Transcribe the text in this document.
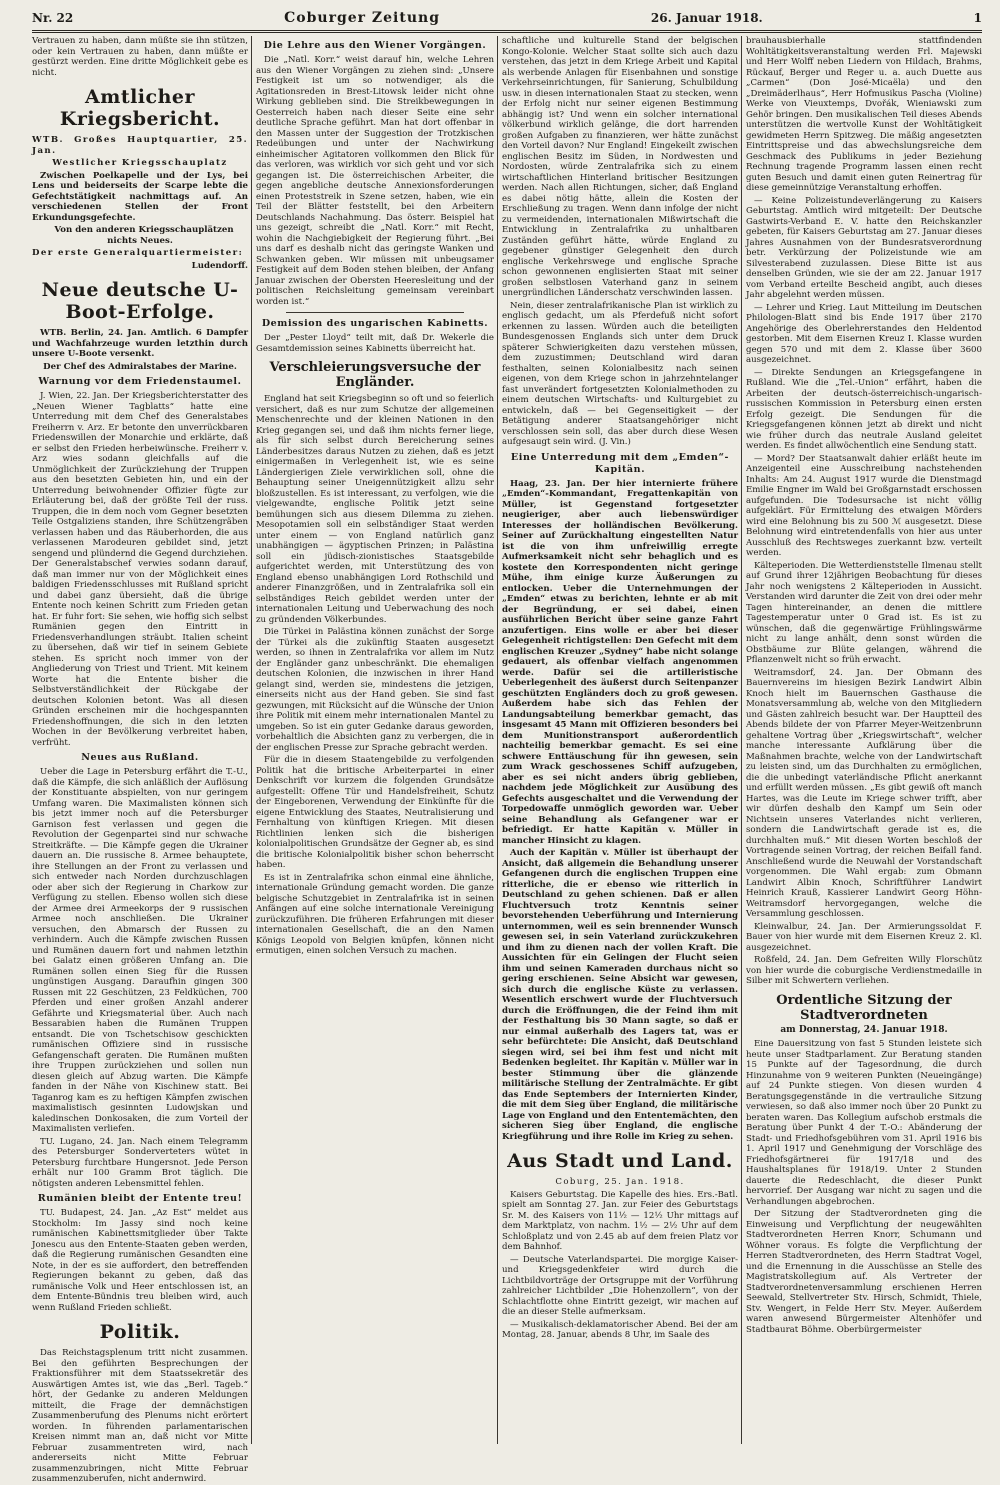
Nr. 22	Coburger Zeitung	26. Januar 1918.	1

Vertrauen zu haben, dann müßte sie ihn stützen, oder kein Vertrauen zu haben, dann müßte er gestürzt werden. Eine dritte Möglichkeit gebe es nicht.

Amtlicher Kriegsbericht.

WTB. Großes Hauptquartier, 25. Jan.

Westlicher Kriegsschauplatz

Zwischen Poelkapelle und der Lys, bei Lens und beiderseits der Scarpe lebte die Gefechtstätigkeit nachmittags auf. An verschiedenen Stellen der Front Erkundungsgefechte.

Von den anderen Kriegsschauplätzen nichts Neues.

Der erste Generalquartiermeister:

Ludendorff.

Neue deutsche U-Boot-Erfolge.

WTB. Berlin, 24. Jan. Amtlich. 6 Dampfer und Wachfahrzeuge wurden letzthin durch unsere U-Boote versenkt.

Der Chef des Admiralstabes der Marine.

Warnung vor dem Friedenstaumel.

J. Wien, 22. Jan. Der Kriegsberichterstatter des „Neuen Wiener Tagblatts“ hatte eine Unterredung mit dem Chef des Generalstabes Freiherrn v. Arz. Er betonte den unverrückbaren Friedenswillen der Monarchie und erklärte, daß er selbst den Frieden herbeiwünsche. Freiherr v. Arz wies sodann gleichfalls auf die Unmöglichkeit der Zurückziehung der Truppen aus den besetzten Gebieten hin, und ein der Unterredung beiwohnender Offizier fügte zur Erläuterung bei, daß der größte Teil der russ. Truppen, die in dem noch vom Gegner besetzten Teile Ostgaliziens standen, ihre Schützengräben verlassen haben und das Räuberhorden, die aus verlassenen Marodeuren gebildet sind, jetzt sengend und plündernd die Gegend durchziehen. Der Generalstabschef verwies sodann darauf, daß man immer nur von der Möglichkeit eines baldigen Friedensschlusses mit Rußland spricht und dabei ganz übersieht, daß die übrige Entente noch keinen Schritt zum Frieden getan hat. Er fuhr fort: Sie sehen, wie hoffig sich selbst Rumänien gegen den Eintritt in Friedensverhandlungen sträubt. Italien scheint zu übersehen, daß wir tief in seinem Gebiete stehen. Es spricht noch immer von der Angliederung von Triest und Trient. Mit keinem Worte hat die Entente bisher die Selbstverständlichkeit der Rückgabe der deutschen Kolonien betont. Was all diesen Gründen erscheinen mir die hochgespannten Friedenshoffnungen, die sich in den letzten Wochen in der Bevölkerung verbreitet haben, verfrüht.

Neues aus Rußland.

Ueber die Lage in Petersburg erfährt die T.-U., daß die Kämpfe, die sich anläßlich der Auflösung der Konstituante abspielten, von nur geringem Umfang waren. Die Maximalisten können sich bis jetzt immer noch auf die Petersburger Garnison fest verlassen und gegen die Revolution der Gegenpartei sind nur schwache Streitkräfte. — Die Kämpfe gegen die Ukrainer dauern an. Die russische 8. Armee behauptete, ihre Stellungen an der Front zu verlassen und sich entweder nach Norden durchzuschlagen oder aber sich der Regierung in Charkow zur Verfügung zu stellen. Ebenso wollen sich diese der Armee drei Armeekorps der 9 russischen Armee noch anschließen. Die Ukrainer versuchen, den Abmarsch der Russen zu verhindern. Auch die Kämpfe zwischen Russen und Rumänen dauern fort und nahmen letzthin bei Galatz einen größeren Umfang an. Die Rumänen sollen einen Sieg für die Russen ungünstigen Ausgang. Daraufhin gingen 300 Russen mit 22 Geschützen, 23 Feldküchen, 700 Pferden und einer großen Anzahl anderer Gefährte und Kriegsmaterial über. Auch nach Bessarabien haben die Rumänen Truppen entsandt. Die von Tschetschisow geschickten rumänischen Offiziere sind in russische Gefangenschaft geraten. Die Rumänen mußten ihre Truppen zurückziehen und sollen nun diesen gleich auf Abzug warten. Die Kämpfe fanden in der Nähe von Kischinew statt. Bei Taganrog kam es zu heftigen Kämpfen zwischen maximalistisch gesinnten Ludowjskan und kaledinschen Donkosaken, die zum Vorteil der Maximalisten verliefen.

TU. Lugano, 24. Jan. Nach einem Telegramm des Petersburger Sonderverteters wütet in Petersburg furchtbare Hungersnot. Jede Person erhält nur 100 Gramm Brot täglich. Die nötigsten anderen Lebensmittel fehlen.

Rumänien bleibt der Entente treu!

TU. Budapest, 24. Jan. „Az Est“ meldet aus Stockholm: Im Jassy sind noch keine rumänischen Kabinettsmitglieder über Takte Jonescu aus den Entente-Staaten geben werden, daß die Regierung rumänischen Gesandten eine Note, in der es sie auffordert, den betreffenden Regierungen bekannt zu geben, daß das rumänische Volk und Heer entschlossen ist, an dem Entente-Bündnis treu bleiben wird, auch wenn Rußland Frieden schließt.

Politik.

Das Reichstagsplenum tritt nicht zusammen. Bei den geführten Besprechungen der Fraktionsführer mit dem Staatssekretär des Auswärtigen Amtes ist, wie das „Berl. Tageb.“ hört, der Gedanke zu anderen Meldungen mitteilt, die Frage der demnächstigen Zusammenberufung des Plenums nicht erörtert worden. In führenden parlamentarischen Kreisen nimmt man an, daß nicht vor Mitte Februar zusammentreten wird, nach andererseits nicht Mitte Februar zusammenzubringen, nicht Mitte Februar zusammenzuberufen, nicht andernwird.

Die Lehre aus den Wiener Vorgängen.

Die „Natl. Korr.“ weist darauf hin, welche Lehren aus den Wiener Vorgängen zu ziehen sind: „Unsere Festigkeit ist um so notwendiger, als die Agitationsreden in Brest-Litowsk leider nicht ohne Wirkung geblieben sind. Die Streikbewegungen in Oesterreich haben nach dieser Seite eine sehr deutliche Sprache geführt. Man hat dort offenbar in den Massen unter der Suggestion der Trotzkischen Redeübungen und unter der Nachwirkung einheimischer Agitatoren vollkommen den Blick für das verloren, was wirklich vor sich geht und vor sich gegangen ist. Die österreichischen Arbeiter, die gegen angebliche deutsche Annexionsforderungen einen Proteststreik in Szene setzen, haben, wie ein Teil der Blätter feststellt, bei den Arbeitern Deutschlands Nachahmung. Das österr. Beispiel hat uns gezeigt, schreibt die „Natl. Korr.“ mit Recht, wohin die Nachgiebigkeit der Regierung führt. „Bei uns darf es deshalb nicht das geringste Wanken und Schwanken geben. Wir müssen mit unbeugsamer Festigkeit auf dem Boden stehen bleiben, der Anfang Januar zwischen der Obersten Heeresleitung und der politischen Reichsleitung gemeinsam vereinbart worden ist.“

Demission des ungarischen Kabinetts.

Der „Pester Lloyd“ teilt mit, daß Dr. Wekerle die Gesamtdemission seines Kabinetts überreicht hat.

Verschleierungsversuche der Engländer.

England hat seit Kriegsbeginn so oft und so feierlich versichert, daß es nur zum Schutze der allgemeinen Menschenrechte und der kleinen Nationen in den Krieg gegangen sei, und daß ihm nichts ferner liege, als für sich selbst durch Bereicherung seines Länderbesitzes daraus Nutzen zu ziehen, daß es jetzt einigermaßen in Verlegenheit ist, wie es seine Ländergierigen Ziele verwirklichen soll, ohne die Behauptung seiner Uneigennützigkeit allzu sehr bloßzustellen. Es ist interessant, zu verfolgen, wie die vielgewandte, englische Politik jetzt seine bemühungen sich aus diesem Dilemma zu ziehen. Mesopotamien soll ein selbständiger Staat werden unter einem — von England natürlich ganz unabhängigen — ägyptischen Prinzen; in Palästina soll ein jüdisch-zionistisches Staatsgebilde aufgerichtet werden, mit Unterstützung des von England ebenso unabhängigen Lord Rothschild und anderer Finanzgrößen, und in Zentralafrika soll ein selbständiges Reich gebildet werden unter der internationalen Leitung und Ueberwachung des noch zu gründenden Völkerbundes.

Die Türkei in Palästina können zunächst der Sorge der Türkei als die zukünftig Staaten ausgesetzt werden, so ihnen in Zentralafrika vor allem im Nutz der Engländer ganz unbeschränkt. Die ehemaligen deutschen Kolonien, die inzwischen in ihrer Hand gelangt sind, werden sie, mindestens die jetzigen, einerseits nicht aus der Hand geben. Sie sind fast gezwungen, mit Rücksicht auf die Wünsche der Union ihre Politik mit einem mehr internationalen Mantel zu umgeben. So ist ein guter Gedanke daraus geworden, vorbehaltlich die Absichten ganz zu verbergen, die in der englischen Presse zur Sprache gebracht werden.

Für die in diesem Staatengebilde zu verfolgenden Politik hat die britische Arbeiterpartei in einer Denkschrift vor kurzem die folgenden Grundsätze aufgestellt: Offene Tür und Handelsfreiheit, Schutz der Eingeborenen, Verwendung der Einkünfte für die eigene Entwicklung des Staates, Neutralisierung und Fernhaltung von künftigen Kriegen. Mit diesen Richtlinien lenken sich die bisherigen kolonialpolitischen Grundsätze der Gegner ab, es sind die britische Kolonialpolitik bisher schon beherrscht haben.

Es ist in Zentralafrika schon einmal eine ähnliche, internationale Gründung gemacht worden. Die ganze belgische Schutzgebiet in Zentralafrika ist in seinen Anfängen auf eine solche internationale Vereinigung zurückzuführen. Die früheren Erfahrungen mit dieser internationalen Gesellschaft, die an den Namen Königs Leopold von Belgien knüpfen, können nicht ermutigen, einen solchen Versuch zu machen.

schaftliche und kulturelle Stand der belgischen Kongo-Kolonie. Welcher Staat sollte sich auch dazu verstehen, das jetzt in dem Kriege Arbeit und Kapital als werbende Anlagen für Eisenbahnen und sonstige Verkehrseinrichtungen, für Sanierung, Schulbildung usw. in diesen internationalen Staat zu stecken, wenn der Erfolg nicht nur seiner eigenen Bestimmung abhängig ist? Und wenn ein solcher international völkerbund wirklich gelänge, die dort harrenden großen Aufgaben zu finanzieren, wer hätte zunächst den Vorteil davon? Nur England! Eingekeilt zwischen englischen Besitz im Süden, in Nordwesten und Nordosten, würde Zentralafrika sich zu einem wirtschaftlichen Hinterland britischer Besitzungen werden. Nach allen Richtungen, sicher, daß England es dabei nötig hätte, allein die Kosten der Erschließung zu tragen. Wenn dann infolge der nicht zu vermeidenden, internationalen Mißwirtschaft die Entwicklung in Zentralafrika zu unhaltbaren Zuständen geführt hätte, würde England zu gegebener günstiger Gelegenheit den durch englische Verkehrswege und englische Sprache schon gewonnenen englisierten Staat mit seiner großen selbstlosen Vaterhand ganz in seinem unergründlichen Länderschatz verschwinden lassen.

Nein, dieser zentralafrikanische Plan ist wirklich zu englisch gedacht, um als Pferdefuß nicht sofort erkennen zu lassen. Würden auch die beteiligten Bundesgenossen Englands sich unter dem Druck späterer Schwierigkeiten dazu verstehen müssen, dem zuzustimmen; Deutschland wird daran festhalten, seinen Kolonialbesitz nach seinen eigenen, von dem Kriege schon in jahrzehntelanger fast unverändert fortgesetzten Kolonialmethoden zu einem deutschen Wirtschafts- und Kulturgebiet zu entwickeln, daß — bei Gegenseitigkeit — der Betätigung anderer Staatsangehöriger nicht verschlossen sein soll, das aber durch diese Wesen aufgesaugt sein wird. (J. Vin.)

Eine Unterredung mit dem „Emden“-Kapitän.

Haag, 23. Jan. Der hier internierte frühere „Emden“-Kommandant, Fregattenkapitän von Müller, ist Gegenstand fortgesetzter neugieriger, aber auch liebenswürdiger Interesses der holländischen Bevölkerung. Seiner auf Zurückhaltung eingestellten Natur ist die von ihm unfreiwillig erregte Aufmerksamkeit nicht sehr behaglich und es kostete den Korrespondenten nicht geringe Mühe, ihm einige kurze Äußerungen zu entlocken. Ueber die Unternehmungen der „Emden“ etwas zu berichten, lehnte er ab mit der Begründung, er sei dabei, einen ausführlichen Bericht über seine ganze Fahrt anzufertigen. Eins wolle er aber bei dieser Gelegenheit richtigstellen: Den Gefecht mit dem englischen Kreuzer „Sydney“ habe nicht solange gedauert, als offenbar vielfach angenommen werde. Dafür sei die artilleristische Ueberlegenheit des äußerst durch Seitenpanzer geschützten Engländers doch zu groß gewesen. Außerdem habe sich das Fehlen der Landungsabteilung bemerkbar gemacht, das insgesamt 45 Mann mit Offizieren besonders bei dem Munitionstransport außerordentlich nachteilig bemerkbar gemacht. Es sei eine schwere Enttäuschung für ihn gewesen, sein zum Wrack geschossenes Schiff aufzugeben, aber es sei nicht anders übrig geblieben, nachdem jede Möglichkeit zur Ausübung des Gefechts ausgeschaltet und die Verwendung der Torpedowaffe unmöglich geworden war. Ueber seine Behandlung als Gefangener war er befriedigt. Er hatte Kapitän v. Müller in mancher Hinsicht zu klagen.

Auch der Kapitän v. Müller ist überhaupt der Ansicht, daß allgemein die Behandlung unserer Gefangenen durch die englischen Truppen eine ritterliche, die er ebenso wie ritterlich in Deutschland zu gehen schienen. Daß er allen Fluchtversuch trotz Kenntnis seiner bevorstehenden Ueberführung und Internierung unternommen, weil es sein brennender Wunsch gewesen sei, in sein Vaterland zurückzukehren und ihm zu dienen nach der vollen Kraft. Die Aussichten für ein Gelingen der Flucht seien ihm und seinen Kameraden durchaus nicht so gering erschienen. Seine Absicht war gewesen, sich durch die englische Küste zu verlassen. Wesentlich erschwert wurde der Fluchtversuch durch die Eröffnungen, die der Feind ihm mit der Festhaltung bis 30 Mann sagte, so daß er nur einmal außerhalb des Lagers tat, was er sehr befürchtete: Die Ansicht, daß Deutschland siegen wird, sei bei ihm fest und nicht mit Bedenken begleitet. Ihr Kapitän v. Müller war in bester Stimmung über die glänzende militärische Stellung der Zentralmächte. Er gibt das Ende Septembers der Internierten Kinder, die mit dem Sieg über England, die militärische Lage von England und den Ententemächten, den sicheren Sieg über England, die englische Kriegführung und ihre Rolle im Krieg zu sehen.

Aus Stadt und Land.

Coburg, 25. Jan. 1918.

Kaisers Geburtstag. Die Kapelle des hies. Ers.-Batl. spielt am Sonntag 27. Jan. zur Feier des Geburtstags Sr. M. des Kaisers von 11½ — 12½ Uhr mittags auf dem Marktplatz, von nachm. 1½ — 2½ Uhr auf dem Schloßplatz und von 2.45 ab auf dem freien Platz vor dem Bahnhof.

— Deutsche Vaterlandspartei. Die morgige Kaiser- und Kriegsgedenkfeier wird durch die Lichtbildvorträge der Ortsgruppe mit der Vorführung zahlreicher Lichtbilder „Die Hohenzollern“, von der Schlachtflotte ohne Eintritt gezeigt, wir machen auf die an dieser Stelle aufmerksam.

— Musikalisch-deklamatorischer Abend. Bei der am Montag, 28. Januar, abends 8 Uhr, im Saale des

brauhausbierhalle stattfindenden Wohltätigkeitsveranstaltung werden Frl. Majewski und Herr Wolff neben Liedern von Hildach, Brahms, Rückauf, Berger und Reger u. a. auch Duette aus „Carmen“ (Don José-Micaëla) und den „Dreimäderlhaus“, Herr Hofmusikus Pascha (Violine) Werke von Vieuxtemps, Dvořák, Wieniawski zum Gehör bringen. Den musikalischen Teil dieses Abends unterstützen die wertvolle Kunst der Wohltätigkeit gewidmeten Herrn Spitzweg. Die mäßig angesetzten Eintrittspreise und das abwechslungsreiche dem Geschmack des Publikums in jeder Beziehung Rechnung tragende Programm lassen einen recht guten Besuch und damit einen guten Reinertrag für diese gemeinnützige Veranstaltung erhoffen.

— Keine Polizeistundeverlängerung zu Kaisers Geburtstag. Amtlich wird mitgeteilt: Der Deutsche Gastwirts-Verband E. V. hatte den Reichskanzler gebeten, für Kaisers Geburtstag am 27. Januar dieses Jahres Ausnahmen von der Bundesratsverordnung betr. Verkürzung der Polizeistunde wie am Silvesterabend zuzulassen. Diese Bitte ist aus denselben Gründen, wie sie der am 22. Januar 1917 vom Verband erteilte Bescheid angibt, auch dieses Jahr abgelehnt werden müssen.

— Lehrer und Krieg. Laut Mitteilung im Deutschen Philologen-Blatt sind bis Ende 1917 über 2170 Angehörige des Oberlehrerstandes den Heldentod gestorben. Mit dem Eisernen Kreuz I. Klasse wurden gegen 570 und mit dem 2. Klasse über 3600 ausgezeichnet.

— Direkte Sendungen an Kriegsgefangene in Rußland. Wie die „Tel.-Union“ erfährt, haben die Arbeiten der deutsch-österreichisch-ungarisch-russischen Kommission in Petersburg einen ersten Erfolg gezeigt. Die Sendungen für die Kriegsgefangenen können jetzt ab direkt und nicht wie früher durch das neutrale Ausland geleitet werden. Es findet allwöchentlich eine Sendung statt.

— Mord? Der Staatsanwalt dahier erläßt heute im Anzeigenteil eine Ausschreibung nachstehenden Inhalts: Am 24. August 1917 wurde die Dienstmagd Emilie Engner im Wald bei Großgarnstadt erschossen aufgefunden. Die Todesursache ist nicht völlig aufgeklärt. Für Ermittelung des etwaigen Mörders wird eine Belohnung bis zu 500 ℳ ausgesetzt. Diese Belohnung wird eintretendenfalls von hier aus unter Ausschluß des Rechtsweges zuerkannt bzw. verteilt werden.

Kälteperioden. Die Wetterdienststelle Ilmenau stellt auf Grund ihrer 12jährigen Beobachtung für dieses Jahr noch wenigstens 2 Kälteperioden in Aussicht. Verstanden wird darunter die Zeit von drei oder mehr Tagen hintereinander, an denen die mittlere Tagestemperatur unter 0 Grad ist. Es ist zu wünschen, daß die gegenwärtige Frühlingswärme nicht zu lange anhält, denn sonst würden die Obstbäume zur Blüte gelangen, während die Pflanzenwelt nicht so früh erwacht.

Weitramsdorf, 24. Jan. Der Obmann des Bauernvereins im hiesigen Bezirk Landwirt Albin Knoch hielt im Bauernschen Gasthause die Monatsversammlung ab, welche von den Mitgliedern und Gästen zahlreich besucht war. Der Hauptteil des Abends bildete der von Pfarrer Meyer-Weitzenbrunn gehaltene Vortrag über „Kriegswirtschaft“, welcher manche interessante Aufklärung über die Maßnahmen brachte, welche von der Landwirtschaft zu leisten sind, um das Durchhalten zu ermöglichen, die die unbedingt vaterländische Pflicht anerkannt und erfüllt werden müssen. „Es gibt gewiß oft manch Hartes, was die Leute im Kriege schwer trifft, aber wir dürfen deshalb den Kampf um Sein oder Nichtsein unseres Vaterlandes nicht verlieren, sondern die Landwirtschaft gerade ist es, die durchhalten muß.“ Mit diesen Worten beschloß der Vortragende seinen Vortrag, der reichen Beifall fand. Anschließend wurde die Neuwahl der Vorstandschaft vorgenommen. Die Wahl ergab: zum Obmann Landwirt Albin Knoch, Schriftführer Landwirt Heinrich Krauß, Kassierer Landwirt Georg Höhn-Weitramsdorf hervorgegangen, welche die Versammlung geschlossen.

Kleinwalbur, 24. Jan. Der Armierungssoldat F. Bauer von hier wurde mit dem Eisernen Kreuz 2. Kl. ausgezeichnet.

Roßfeld, 24. Jan. Dem Gefreiten Willy Florschütz von hier wurde die coburgische Verdienstmedaille in Silber mit Schwertern verliehen.

Ordentliche Sitzung der Stadtverordneten
am Donnerstag, 24. Januar 1918.

Eine Dauersitzung von fast 5 Stunden leistete sich heute unser Stadtparlament. Zur Beratung standen 15 Punkte auf der Tagesordnung, die durch Hinzunahme von 9 weiteren Punkten (Neueingänge) auf 24 Punkte stiegen. Von diesen wurden 4 Beratungsgegenstände in die vertrauliche Sitzung verwiesen, so daß also immer noch über 20 Punkt zu beraten waren. Das Kollegium aufschob erstmals die Beratung über Punkt 4 der T.-O.: Abänderung der Stadt- und Friedhofsgebühren vom 31. April 1916 bis 1. April 1917 und Genehmigung der Vorschläge des Friedhofsgärtnerei für 1917/18 und des Haushaltsplanes für 1918/19. Unter 2 Stunden dauerte die Redeschlacht, die dieser Punkt hervorrief. Der Ausgang war nicht zu sagen und die Verhandlungen abgebrochen.

Der Sitzung der Stadtverordneten ging die Einweisung und Verpflichtung der neugewählten Stadtverordneten Herren Knorr, Schumann und Wöhner voraus. Es folgte die Verpflichtung der Herren Stadtverordneten, des Herrn Stadtrat Vogel, und die Ernennung in die Ausschüsse an Stelle des Magistratskollegium auf. Als Vertreter der Stadtverordnetenversammlung erschienen Herren Seewald, Stellvertreter Stv. Hirsch, Schmidt, Thiele, Stv. Wengert, in Felde Herr Stv. Meyer. Außerdem waren anwesend Bürgermeister Altenhöfer und Stadtbaurat Böhme. Oberbürgermeister
